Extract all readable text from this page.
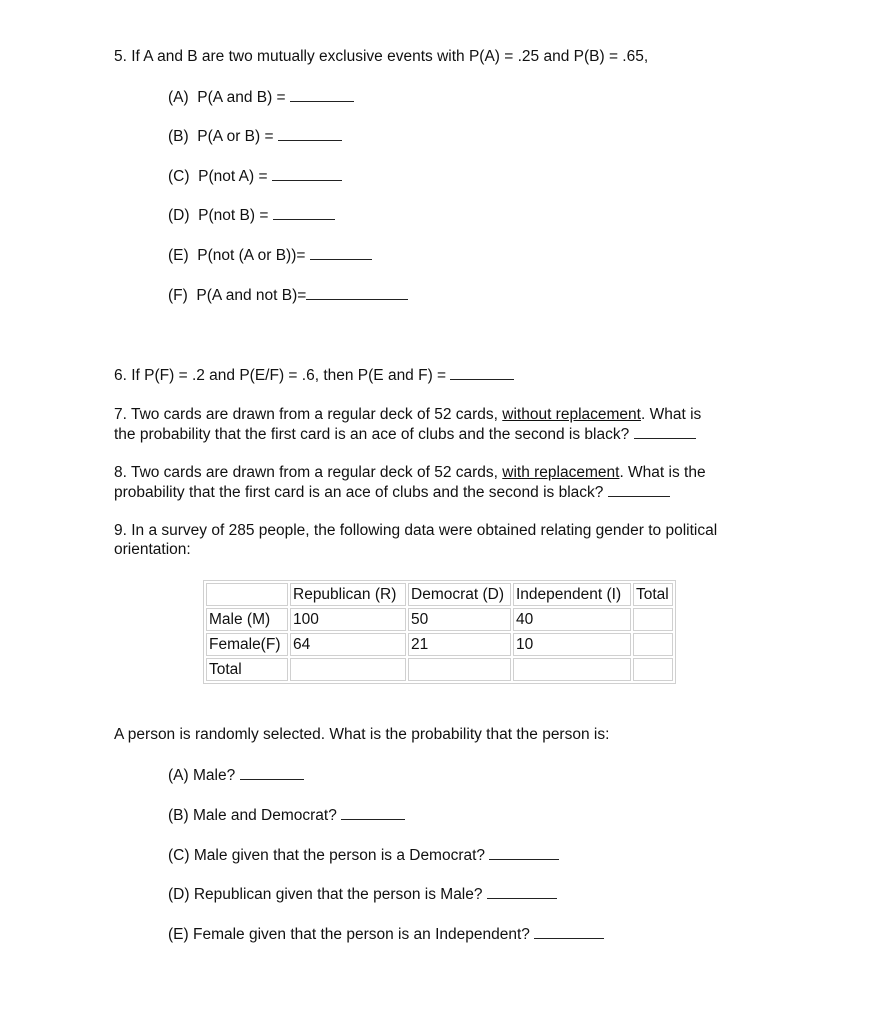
5. If A and B are two mutually exclusive events with P(A) = .25 and P(B) = .65,
(A) P(A and B) =
(B) P(A or B) =
(C) P(not A) =
(D) P(not B) =
(E) P(not (A or B))=
(F) P(A and not B)=
6. If P(F) = .2 and P(E/F) = .6, then P(E and F) =
7. Two cards are drawn from a regular deck of 52 cards, without replacement. What is
the probability that the first card is an ace of clubs and the second is black?
8. Two cards are drawn from a regular deck of 52 cards, with replacement. What is the
probability that the first card is an ace of clubs and the second is black?
9. In a survey of 285 people, the following data were obtained relating gender to political
orientation:
	Republican (R)	Democrat (D)	Independent (I)	Total
Male (M)	100	50	40	
Female(F)	64	21	10	
Total				
A person is randomly selected. What is the probability that the person is:
(A) Male?
(B) Male and Democrat?
(C) Male given that the person is a Democrat?
(D) Republican given that the person is Male?
(E) Female given that the person is an Independent?
